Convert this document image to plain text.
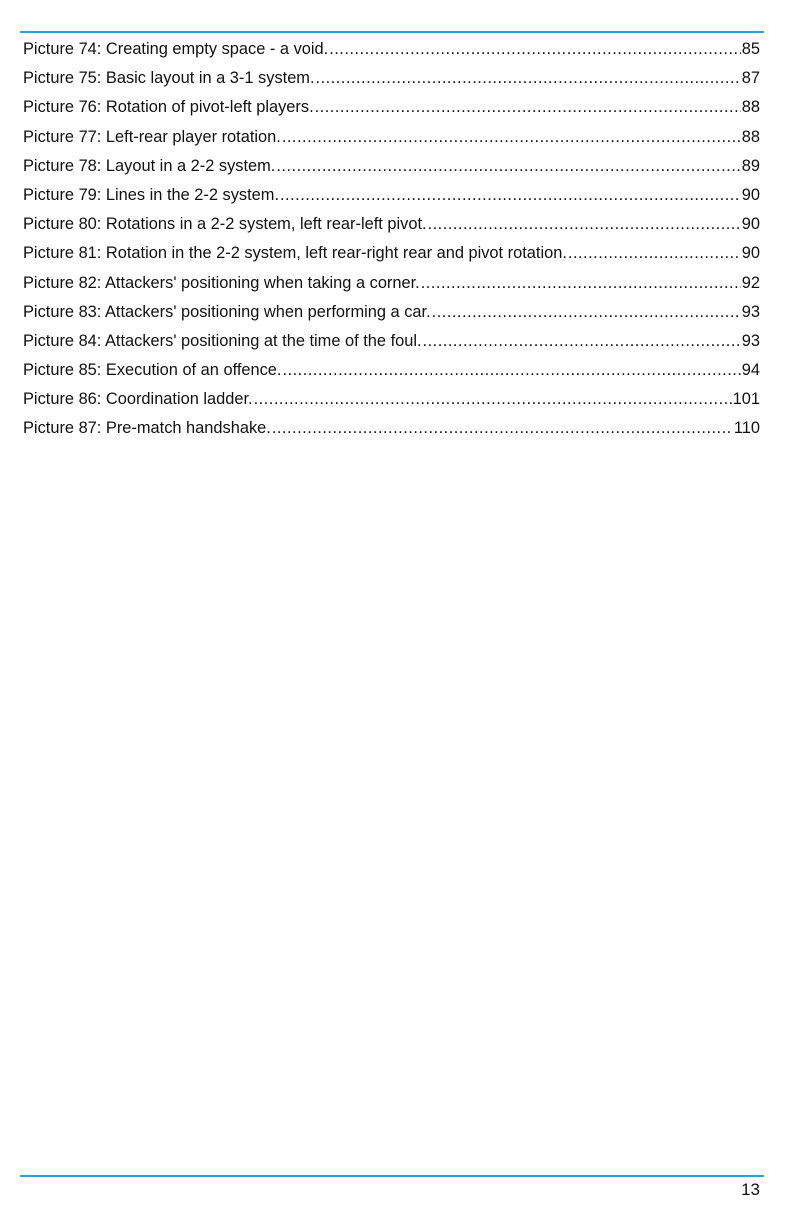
Picture 74: Creating empty space - a void. .....	85
Picture 75: Basic layout in a 3-1 system. .....	87
Picture 76: Rotation of pivot-left players. .....	88
Picture 77: Left-rear player rotation. .....	88
Picture 78: Layout in a 2-2 system. .....	89
Picture 79: Lines in the 2-2 system. .....	90
Picture 80: Rotations in a 2-2 system, left rear-left pivot. .....	90
Picture 81: Rotation in the 2-2 system, left rear-right rear and pivot rotation. .....	90
Picture 82: Attackers' positioning when taking a corner. .....	92
Picture 83: Attackers' positioning when performing a car. .....	93
Picture 84: Attackers' positioning at the time of the foul. .....	93
Picture 85: Execution of an offence. .....	94
Picture 86: Coordination ladder. .....	101
Picture 87: Pre-match handshake. .....	110
13
